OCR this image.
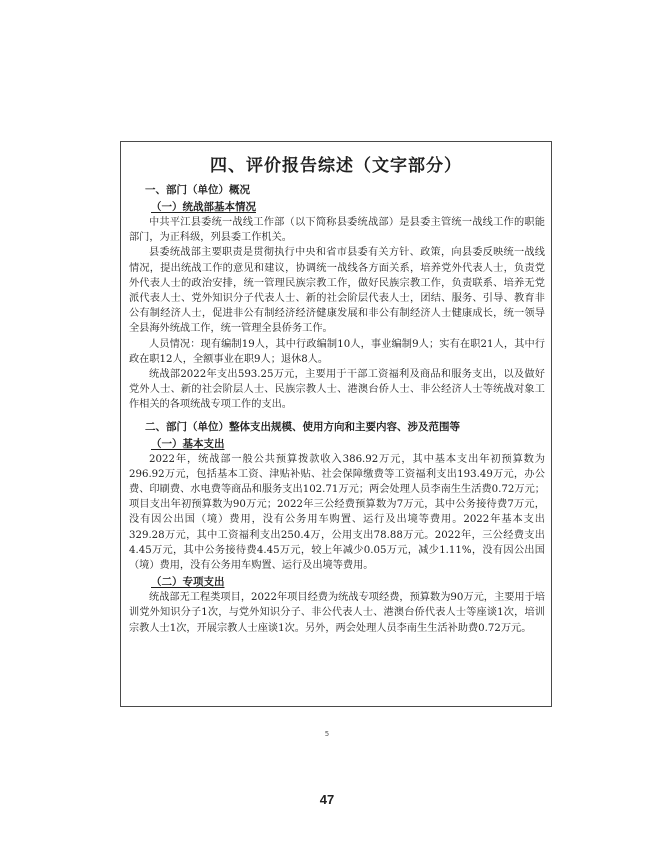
四、评价报告综述（文字部分）
一、部门（单位）概况
（一）统战部基本情况

中共平江县委统一战线工作部（以下简称县委统战部）是县委主管统一战线工作的职能部门，为正科级，列县委工作机关。

县委统战部主要职责是贯彻执行中央和省市县委有关方针、政策，向县委反映统一战线情况，提出统战工作的意见和建议，协调统一战线各方面关系，培养党外代表人士，负责党外代表人士的政治安排，统一管理民族宗教工作，做好民族宗教工作，负责联系、培养无党派代表人士、党外知识分子代表人士、新的社会阶层代表人士，团结、服务、引导、教育非公有制经济人士，促进非公有制经济经济健康发展和非公有制经济人士健康成长，统一领导全县海外统战工作，统一管理全县侨务工作。

人员情况：现有编制19人，其中行政编制10人，事业编制9人；实有在职21人，其中行政在职12人，全额事业在职9人；退休8人。

统战部2022年支出593.25万元，主要用于干部工资福利及商品和服务支出，以及做好党外人士、新的社会阶层人士、民族宗教人士、港澳台侨人士、非公经济人士等统战对象工作相关的各项统战专项工作的支出。

二、部门（单位）整体支出规模、使用方向和主要内容、涉及范围等
（一）基本支出

2022年，统战部一般公共预算拨款收入386.92万元，其中基本支出年初预算数为296.92万元，包括基本工资、津贴补贴、社会保障缴费等工资福利支出193.49万元，办公费、印刷费、水电费等商品和服务支出102.71万元；两会处理人员李南生生活费0.72万元；项目支出年初预算数为90万元；2022年三公经费预算数为7万元，其中公务接待费7万元，没有因公出国（境）费用，没有公务用车购置、运行及出境等费用。2022年基本支出329.28万元，其中工资福利支出250.4万，公用支出78.88万元。2022年，三公经费支出4.45万元，其中公务接待费4.45万元，较上年减少0.05万元，减少1.11%，没有因公出国（境）费用，没有公务用车购置、运行及出境等费用。

（二）专项支出

统战部无工程类项目，2022年项目经费为统战专项经费，预算数为90万元，主要用于培训党外知识分子1次，与党外知识分子、非公代表人士、港澳台侨代表人士等座谈1次，培训宗教人士1次，开展宗教人士座谈1次。另外，两会处理人员李南生生活补助费0.72万元。

5
47
